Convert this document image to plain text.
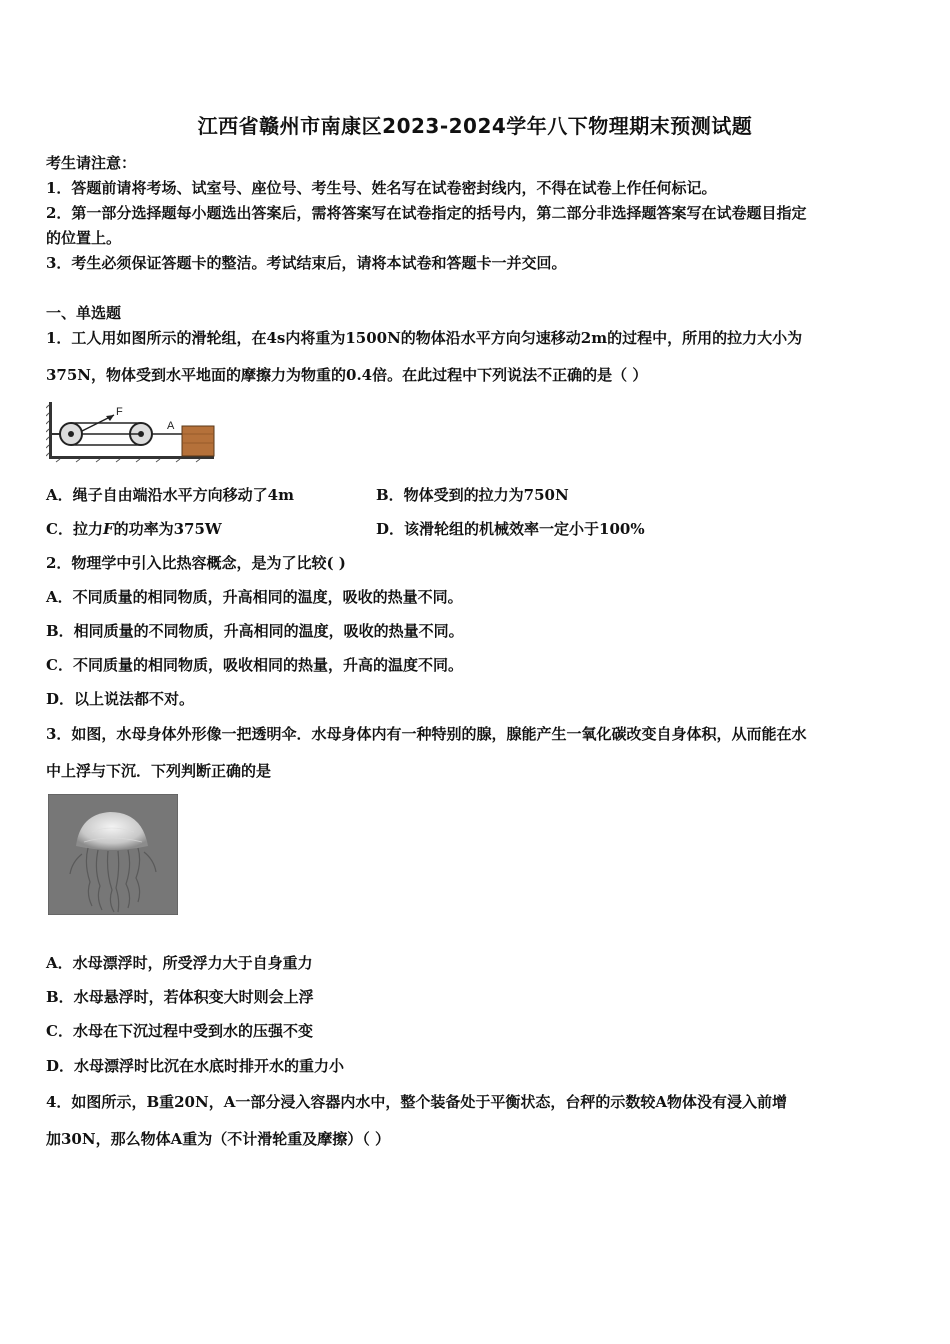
江西省赣州市南康区2023-2024学年八下物理期末预测试题
考生请注意：
1．答题前请将考场、试室号、座位号、考生号、姓名写在试卷密封线内，不得在试卷上作任何标记。
2．第一部分选择题每小题选出答案后，需将答案写在试卷指定的括号内，第二部分非选择题答案写在试卷题目指定
的位置上。
3．考生必须保证答题卡的整洁。考试结束后，请将本试卷和答题卡一并交回。
一、单选题
1．工人用如图所示的滑轮组，在4s内将重为1500N的物体沿水平方向匀速移动2m的过程中，所用的拉力大小为
375N，物体受到水平地面的摩擦力为物重的0.4倍。在此过程中下列说法不正确的是（ ）
F
A
A．绳子自由端沿水平方向移动了4m	B．物体受到的拉力为750N
C．拉力F的功率为375W	D．该滑轮组的机械效率一定小于100%
2．物理学中引入比热容概念，是为了比较( )
A．不同质量的相同物质，升高相同的温度，吸收的热量不同。
B．相同质量的不同物质，升高相同的温度，吸收的热量不同。
C．不同质量的相同物质，吸收相同的热量，升高的温度不同。
D．以上说法都不对。
3．如图，水母身体外形像一把透明伞．水母身体内有一种特别的腺，腺能产生一氧化碳改变自身体积，从而能在水
中上浮与下沉．下列判断正确的是
A．水母漂浮时，所受浮力大于自身重力
B．水母悬浮时，若体积变大时则会上浮
C．水母在下沉过程中受到水的压强不变
D．水母漂浮时比沉在水底时排开水的重力小
4．如图所示，B重20N，A一部分浸入容器内水中，整个装备处于平衡状态，台秤的示数较A物体没有浸入前增
加30N，那么物体A重为（不计滑轮重及摩擦）（ ）
